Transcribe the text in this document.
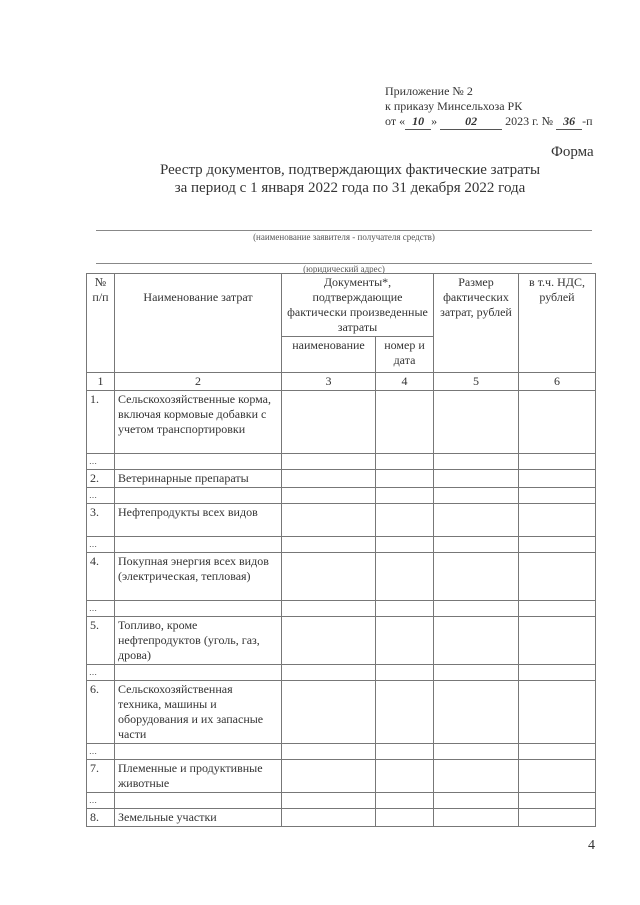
Приложение № 2
к приказу Минсельхоза РК
от « 10 » 02 2023 г. № 36 -п
Форма
Реестр документов, подтверждающих фактические затраты
за период с 1 января 2022 года по 31 декабря 2022 года
(наименование заявителя - получателя средств)
(юридический адрес)
№ п/п	Наименование затрат	Документы*, подтверждающие фактически произведенные затраты		Размер фактических затрат, рублей	в т.ч. НДС, рублей
		наименование	номер и дата		
1	2	3	4	5	6
1.	Сельскохозяйственные корма, включая кормовые добавки с учетом транспортировки				
…					
2.	Ветеринарные препараты				
…					
3.	Нефтепродукты всех видов				
…					
4.	Покупная энергия всех видов (электрическая, тепловая)				
…					
5.	Топливо, кроме нефтепродуктов (уголь, газ, дрова)				
…					
6.	Сельскохозяйственная техника, машины и оборудования и их запасные части				
…					
7.	Племенные и продуктивные животные				
…					
8.	Земельные участки				
4
